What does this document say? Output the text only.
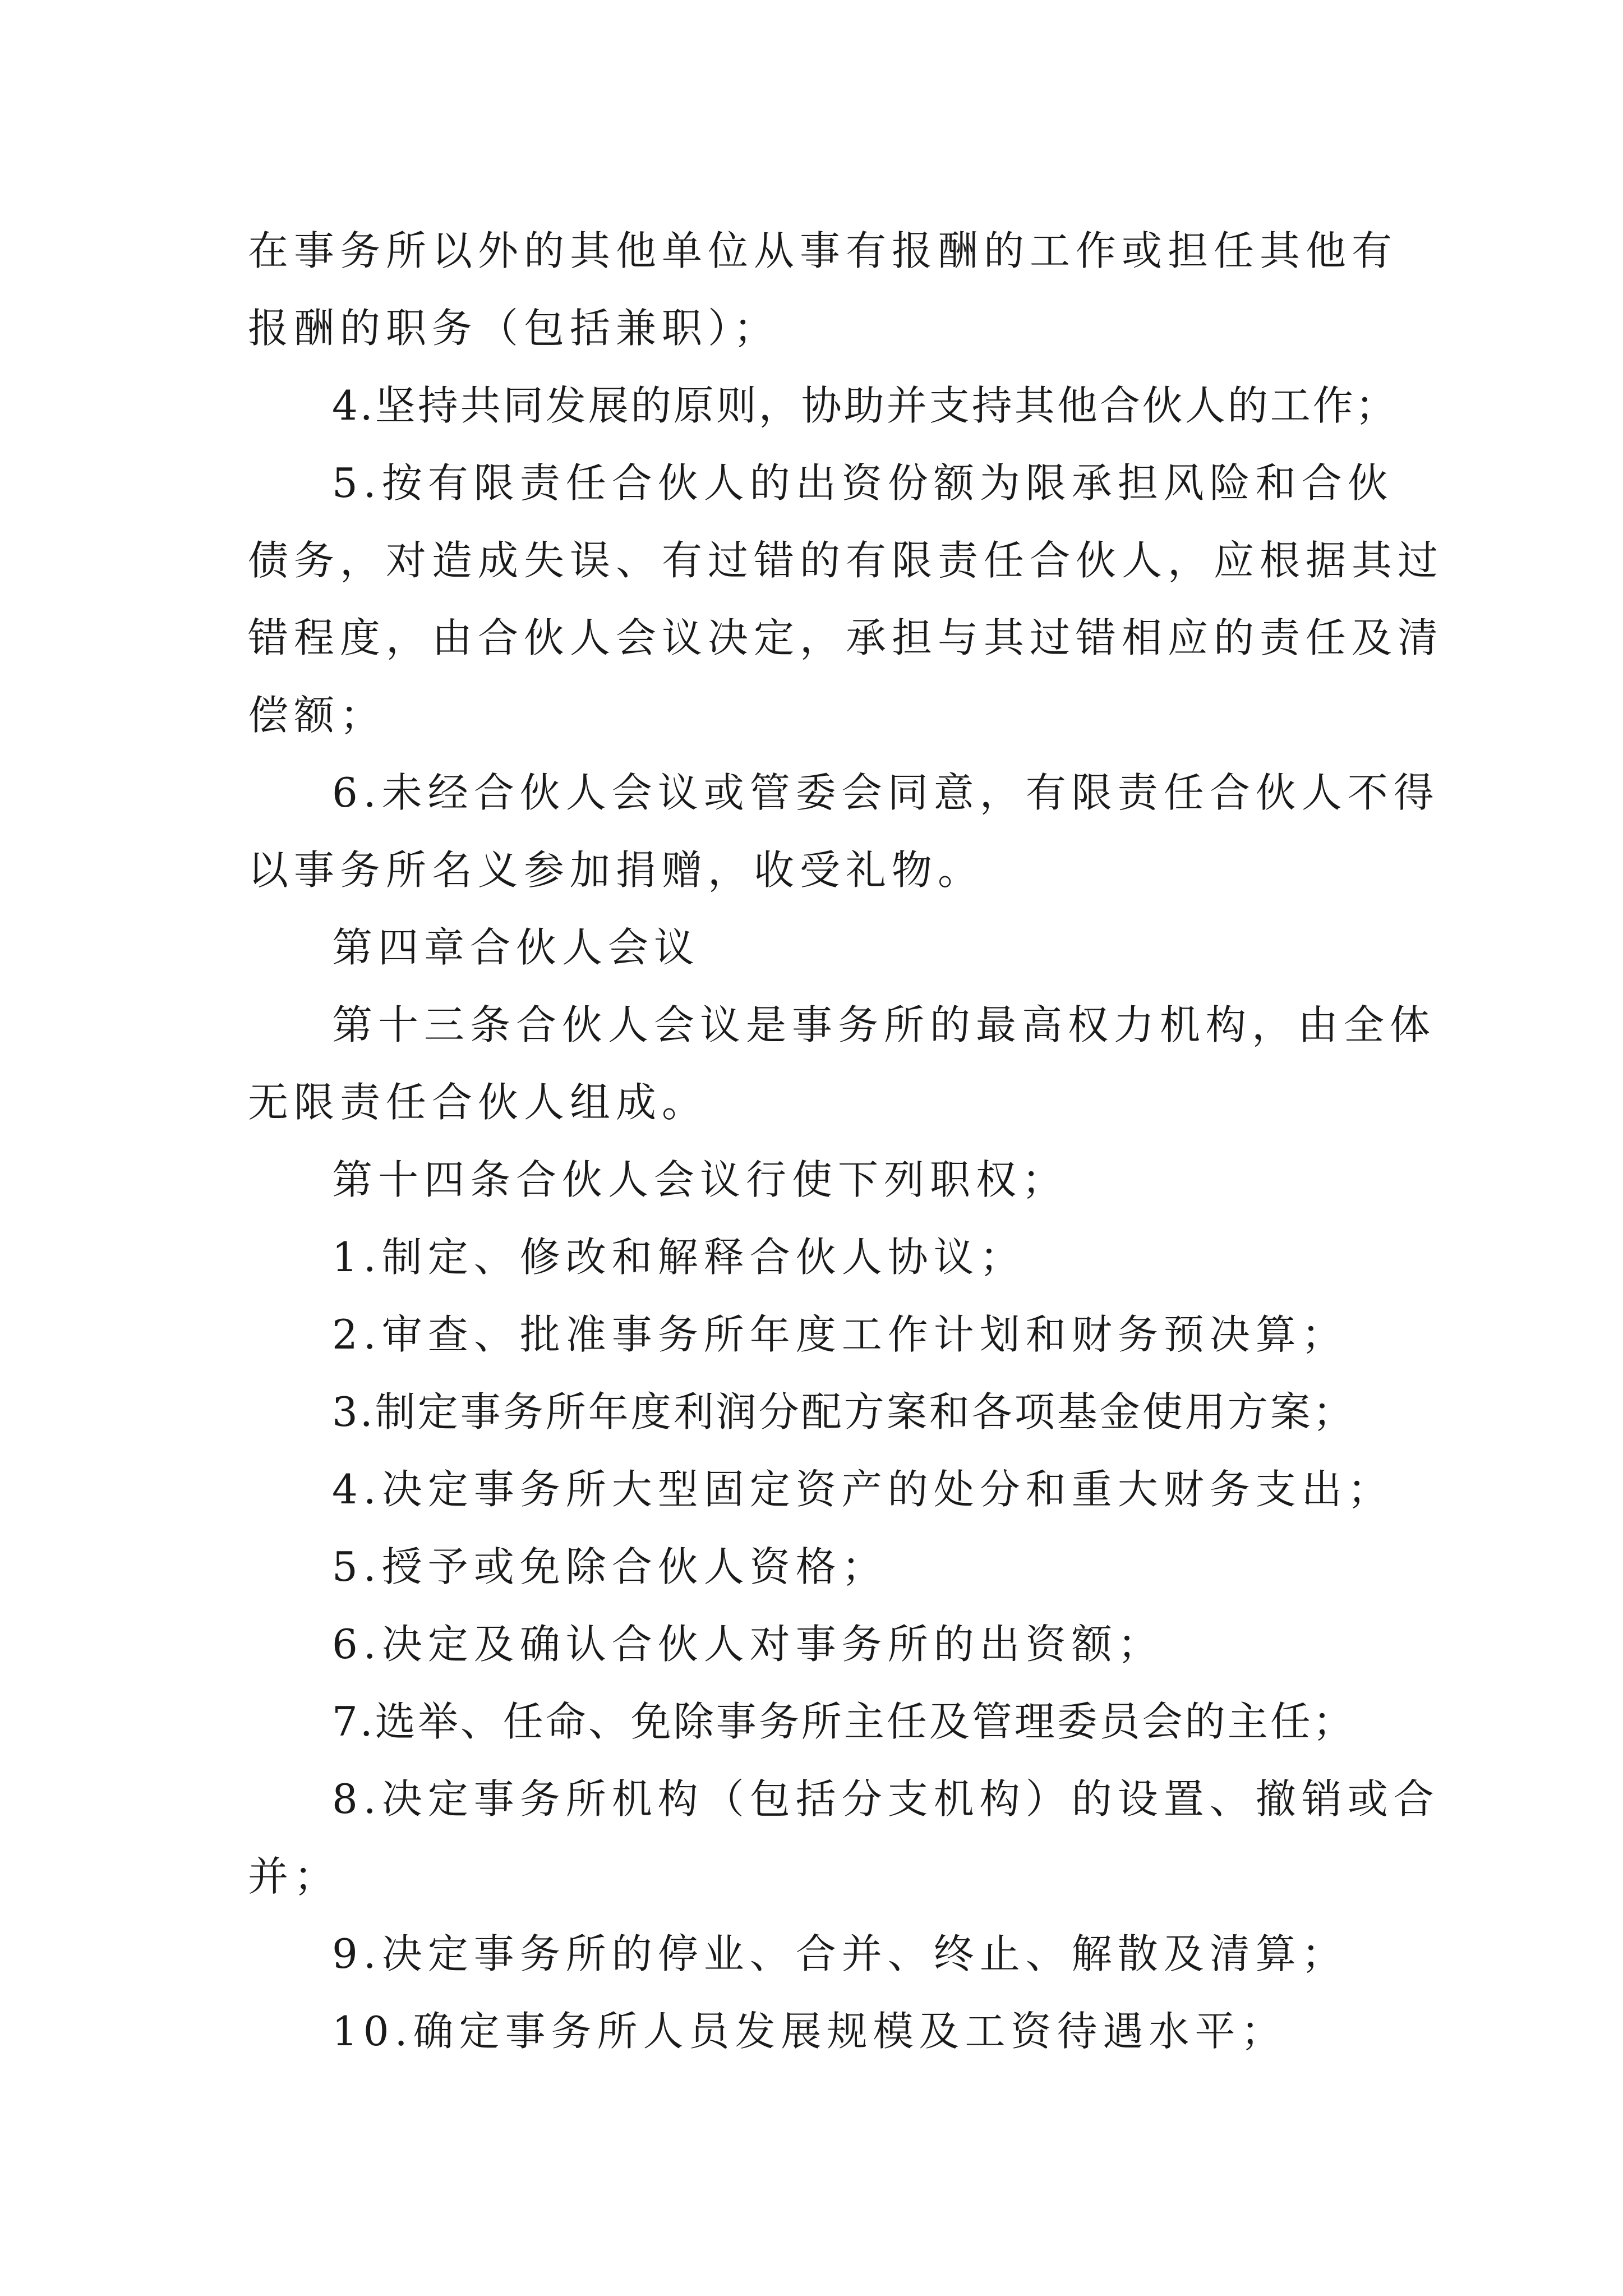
在事务所以外的其他单位从事有报酬的工作或担任其他有
报酬的职务（包括兼职）；
4.坚持共同发展的原则，协助并支持其他合伙人的工作；
5.按有限责任合伙人的出资份额为限承担风险和合伙
债务，对造成失误、有过错的有限责任合伙人，应根据其过
错程度，由合伙人会议决定，承担与其过错相应的责任及清
偿额；
6.未经合伙人会议或管委会同意，有限责任合伙人不得
以事务所名义参加捐赠，收受礼物。
第四章合伙人会议
第十三条合伙人会议是事务所的最高权力机构，由全体
无限责任合伙人组成。
第十四条合伙人会议行使下列职权；
1.制定、修改和解释合伙人协议；
2.审查、批准事务所年度工作计划和财务预决算；
3.制定事务所年度利润分配方案和各项基金使用方案；
4.决定事务所大型固定资产的处分和重大财务支出；
5.授予或免除合伙人资格；
6.决定及确认合伙人对事务所的出资额；
7.选举、任命、免除事务所主任及管理委员会的主任；
8.决定事务所机构（包括分支机构）的设置、撤销或合
并；
9.决定事务所的停业、合并、终止、解散及清算；
10.确定事务所人员发展规模及工资待遇水平；
